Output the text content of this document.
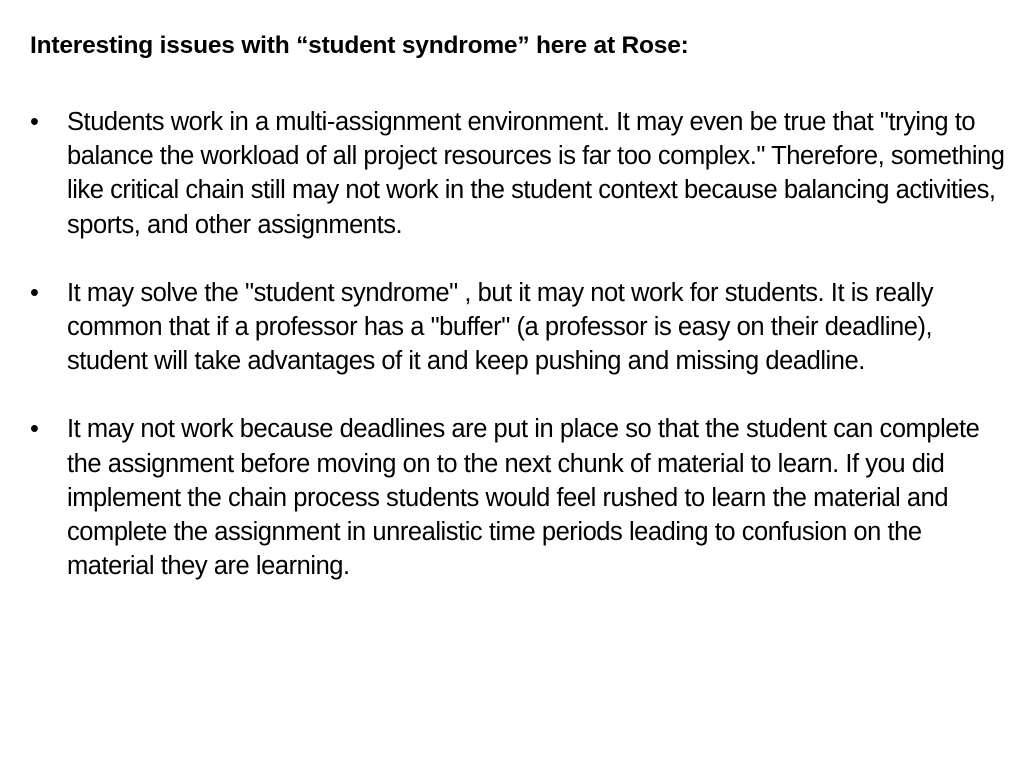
Interesting issues with “student syndrome” here at Rose:
•	Students work in a multi-assignment environment. It may even be true that "trying to balance the workload of all project resources is far too complex." Therefore, something like critical chain still may not work in the student context because balancing activities, sports, and other assignments.
•	It may solve the "student syndrome" , but it may not work for students. It is really common that if a professor has a "buffer" (a professor is easy on their deadline), student will take advantages of it and keep pushing and missing deadline.
•	It may not work because deadlines are put in place so that the student can complete the assignment before moving on to the next chunk of material to learn. If you did implement the chain process students would feel rushed to learn the material and complete the assignment in unrealistic time periods leading to confusion on the material they are learning.
